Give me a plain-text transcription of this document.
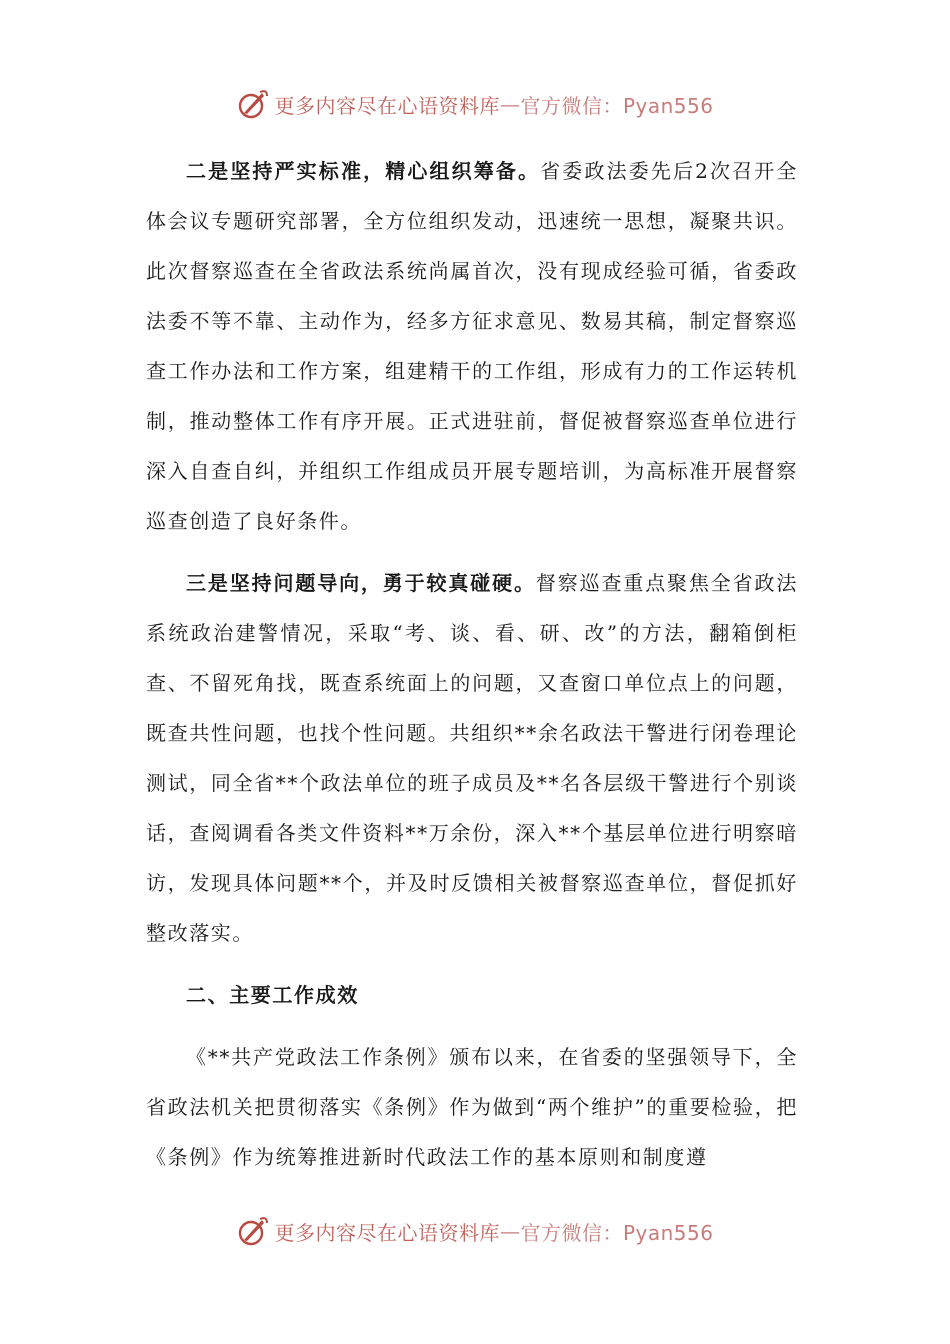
更多内容尽在心语资料库 — 官方微信：Pyan556

二是坚持严实标准，精心组织筹备。省委政法委先后2次召开全体会议专题研究部署，全方位组织发动，迅速统一思想，凝聚共识。此次督察巡查在全省政法系统尚属首次，没有现成经验可循，省委政法委不等不靠、主动作为，经多方征求意见、数易其稿，制定督察巡查工作办法和工作方案，组建精干的工作组，形成有力的工作运转机制，推动整体工作有序开展。正式进驻前，督促被督察巡查单位进行深入自查自纠，并组织工作组成员开展专题培训，为高标准开展督察巡查创造了良好条件。

三是坚持问题导向，勇于较真碰硬。督察巡查重点聚焦全省政法系统政治建警情况，采取“考、谈、看、研、改”的方法，翻箱倒柜查、不留死角找，既查系统面上的问题，又查窗口单位点上的问题，既查共性问题，也找个性问题。共组织**余名政法干警进行闭卷理论测试，同全省**个政法单位的班子成员及**名各层级干警进行个别谈话，查阅调看各类文件资料**万余份，深入**个基层单位进行明察暗访，发现具体问题**个，并及时反馈相关被督察巡查单位，督促抓好整改落实。

二、主要工作成效

《**共产党政法工作条例》颁布以来，在省委的坚强领导下，全省政法机关把贯彻落实《条例》作为做到“两个维护”的重要检验，把《条例》作为统筹推进新时代政法工作的基本原则和制度遵

更多内容尽在心语资料库 — 官方微信：Pyan556
